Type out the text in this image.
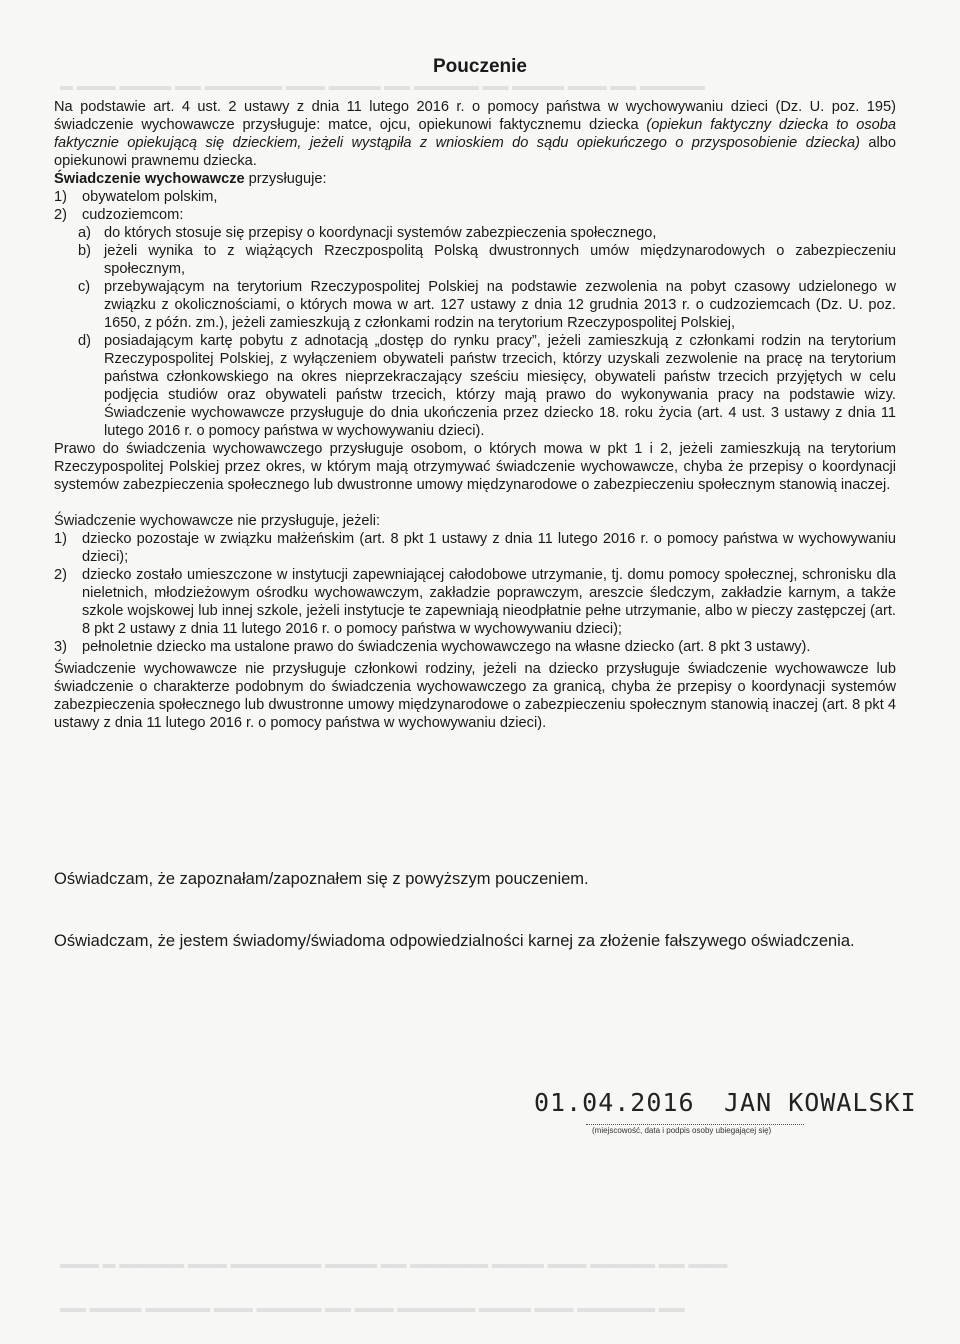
▬ ▬▬▬ ▬▬▬▬ ▬▬ ▬▬▬▬▬▬ ▬▬▬ ▬▬▬▬ ▬▬ ▬▬▬▬▬ ▬▬ ▬▬▬▬ ▬▬▬ ▬▬ ▬▬▬▬▬
▬▬▬ ▬ ▬▬▬▬▬ ▬▬▬ ▬▬▬▬▬▬▬ ▬▬▬▬ ▬▬ ▬▬▬▬▬▬ ▬▬▬▬ ▬▬▬ ▬▬▬▬▬ ▬▬ ▬▬▬
▬▬ ▬▬▬▬ ▬▬▬▬▬ ▬▬▬ ▬▬▬▬▬ ▬▬ ▬▬▬ ▬▬▬▬▬▬ ▬▬▬▬ ▬▬▬ ▬▬▬▬▬▬ ▬▬
Pouczenie

Na podstawie art. 4 ust. 2 ustawy z dnia 11 lutego 2016 r. o pomocy państwa w wychowywaniu dzieci (Dz. U. poz. 195) świadczenie wychowawcze przysługuje: matce, ojcu, opiekunowi faktycznemu dziecka (opiekun faktyczny dziecka to osoba faktycznie opiekującą się dzieckiem, jeżeli wystąpiła z wnioskiem do sądu opiekuńczego o przysposobienie dziecka) albo opiekunowi prawnemu dziecka.

Świadczenie wychowawcze przysługuje:

1)	obywatelom polskim,
2)	cudzoziemcom:
a) do których stosuje się przepisy o koordynacji systemów zabezpieczenia społecznego,
b) jeżeli wynika to z wiążących Rzeczpospolitą Polską dwustronnych umów międzynarodowych o zabezpieczeniu społecznym,
c) przebywającym na terytorium Rzeczypospolitej Polskiej na podstawie zezwolenia na pobyt czasowy udzielonego w związku z okolicznościami, o których mowa w art. 127 ustawy z dnia 12 grudnia 2013 r. o cudzoziemcach (Dz. U. poz. 1650, z późn. zm.), jeżeli zamieszkują z członkami rodzin na terytorium Rzeczypospolitej Polskiej,
d) posiadającym kartę pobytu z adnotacją „dostęp do rynku pracy”, jeżeli zamieszkują z członkami rodzin na terytorium Rzeczypospolitej Polskiej, z wyłączeniem obywateli państw trzecich, którzy uzyskali zezwolenie na pracę na terytorium państwa członkowskiego na okres nieprzekraczający sześciu miesięcy, obywateli państw trzecich przyjętych w celu podjęcia studiów oraz obywateli państw trzecich, którzy mają prawo do wykonywania pracy na podstawie wizy. Świadczenie wychowawcze przysługuje do dnia ukończenia przez dziecko 18. roku życia (art. 4 ust. 3 ustawy z dnia 11 lutego 2016 r. o pomocy państwa w wychowywaniu dzieci).

Prawo do świadczenia wychowawczego przysługuje osobom, o których mowa w pkt 1 i 2, jeżeli zamieszkują na terytorium Rzeczypospolitej Polskiej przez okres, w którym mają otrzymywać świadczenie wychowawcze, chyba że przepisy o koordynacji systemów zabezpieczenia społecznego lub dwustronne umowy międzynarodowe o zabezpieczeniu społecznym stanowią inaczej.

Świadczenie wychowawcze nie przysługuje, jeżeli:

1)	dziecko pozostaje w związku małżeńskim (art. 8 pkt 1 ustawy z dnia 11 lutego 2016 r. o pomocy państwa w wychowywaniu dzieci);
2)	dziecko zostało umieszczone w instytucji zapewniającej całodobowe utrzymanie, tj. domu pomocy społecznej, schronisku dla nieletnich, młodzieżowym ośrodku wychowawczym, zakładzie poprawczym, areszcie śledczym, zakładzie karnym, a także szkole wojskowej lub innej szkole, jeżeli instytucje te zapewniają nieodpłatnie pełne utrzymanie, albo w pieczy zastępczej (art. 8 pkt 2 ustawy z dnia 11 lutego 2016 r. o pomocy państwa w wychowywaniu dzieci);
3)	pełnoletnie dziecko ma ustalone prawo do świadczenia wychowawczego na własne dziecko (art. 8 pkt 3 ustawy).

Świadczenie wychowawcze nie przysługuje członkowi rodziny, jeżeli na dziecko przysługuje świadczenie wychowawcze lub świadczenie o charakterze podobnym do świadczenia wychowawczego za granicą, chyba że przepisy o koordynacji systemów zabezpieczenia społecznego lub dwustronne umowy międzynarodowe o zabezpieczeniu społecznym stanowią inaczej (art. 8 pkt 4 ustawy z dnia 11 lutego 2016 r. o pomocy państwa w wychowywaniu dzieci).

Oświadczam, że zapoznałam/zapoznałem się z powyższym pouczeniem.
Oświadczam, że jestem świadomy/świadoma odpowiedzialności karnej za złożenie fałszywego oświadczenia.
01.04.2016 JAN KOWALSKI
(miejscowość, data i podpis osoby ubiegającej się)
